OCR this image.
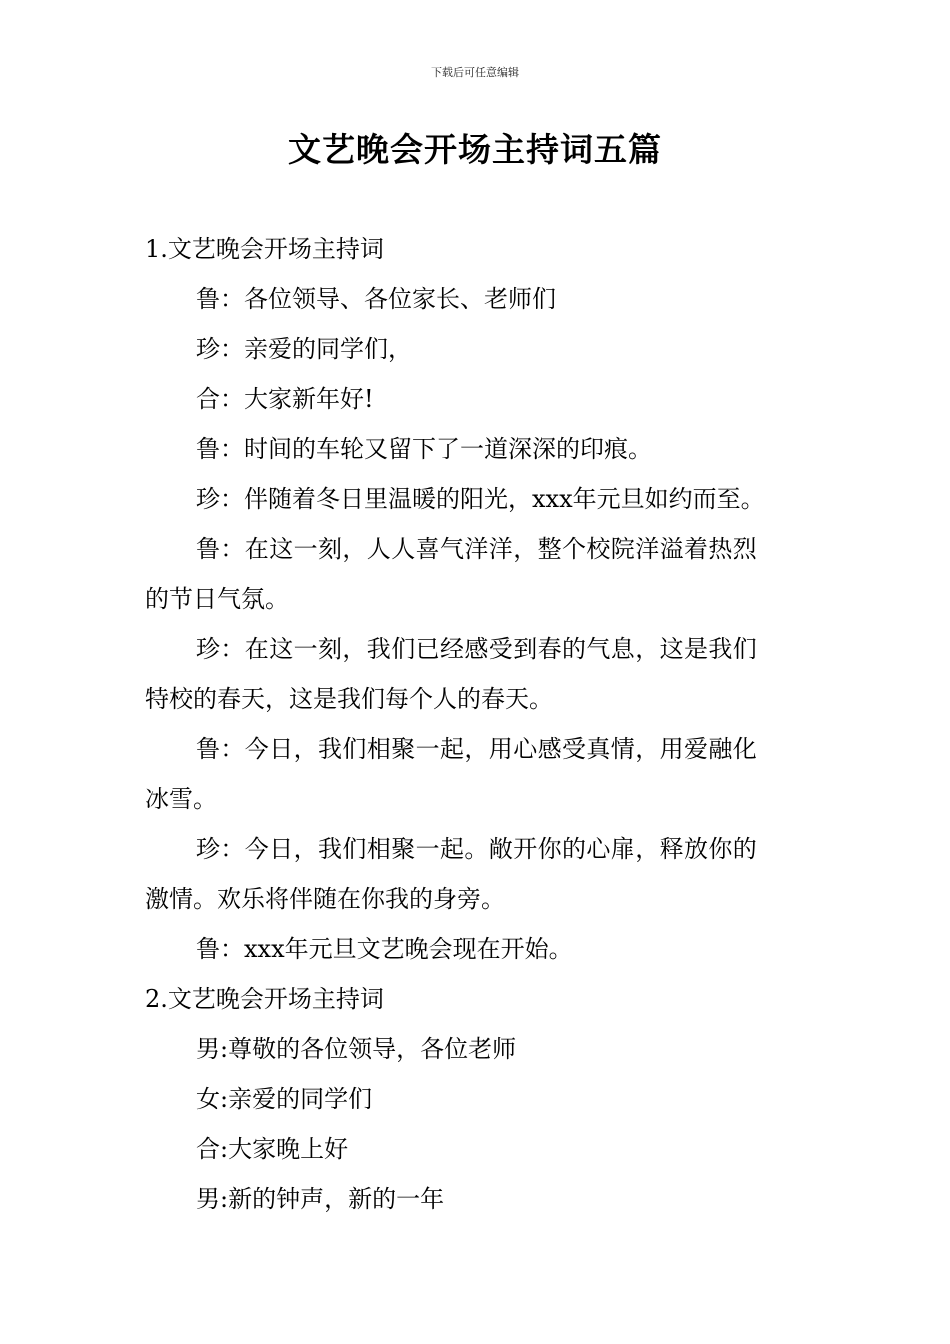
下载后可任意编辑
文艺晚会开场主持词五篇

1.文艺晚会开场主持词

鲁：各位领导、各位家长、老师们

珍：亲爱的同学们，

合：大家新年好!

鲁：时间的车轮又留下了一道深深的印痕。

珍：伴随着冬日里温暖的阳光，xxx年元旦如约而至。

鲁：在这一刻，人人喜气洋洋，整个校院洋溢着热烈

的节日气氛。

珍：在这一刻，我们已经感受到春的气息，这是我们

特校的春天，这是我们每个人的春天。

鲁：今日，我们相聚一起，用心感受真情，用爱融化

冰雪。

珍：今日，我们相聚一起。敞开你的心扉，释放你的

激情。欢乐将伴随在你我的身旁。

鲁：xxx年元旦文艺晚会现在开始。

2.文艺晚会开场主持词

男:尊敬的各位领导，各位老师

女:亲爱的同学们

合:大家晚上好

男:新的钟声，新的一年
